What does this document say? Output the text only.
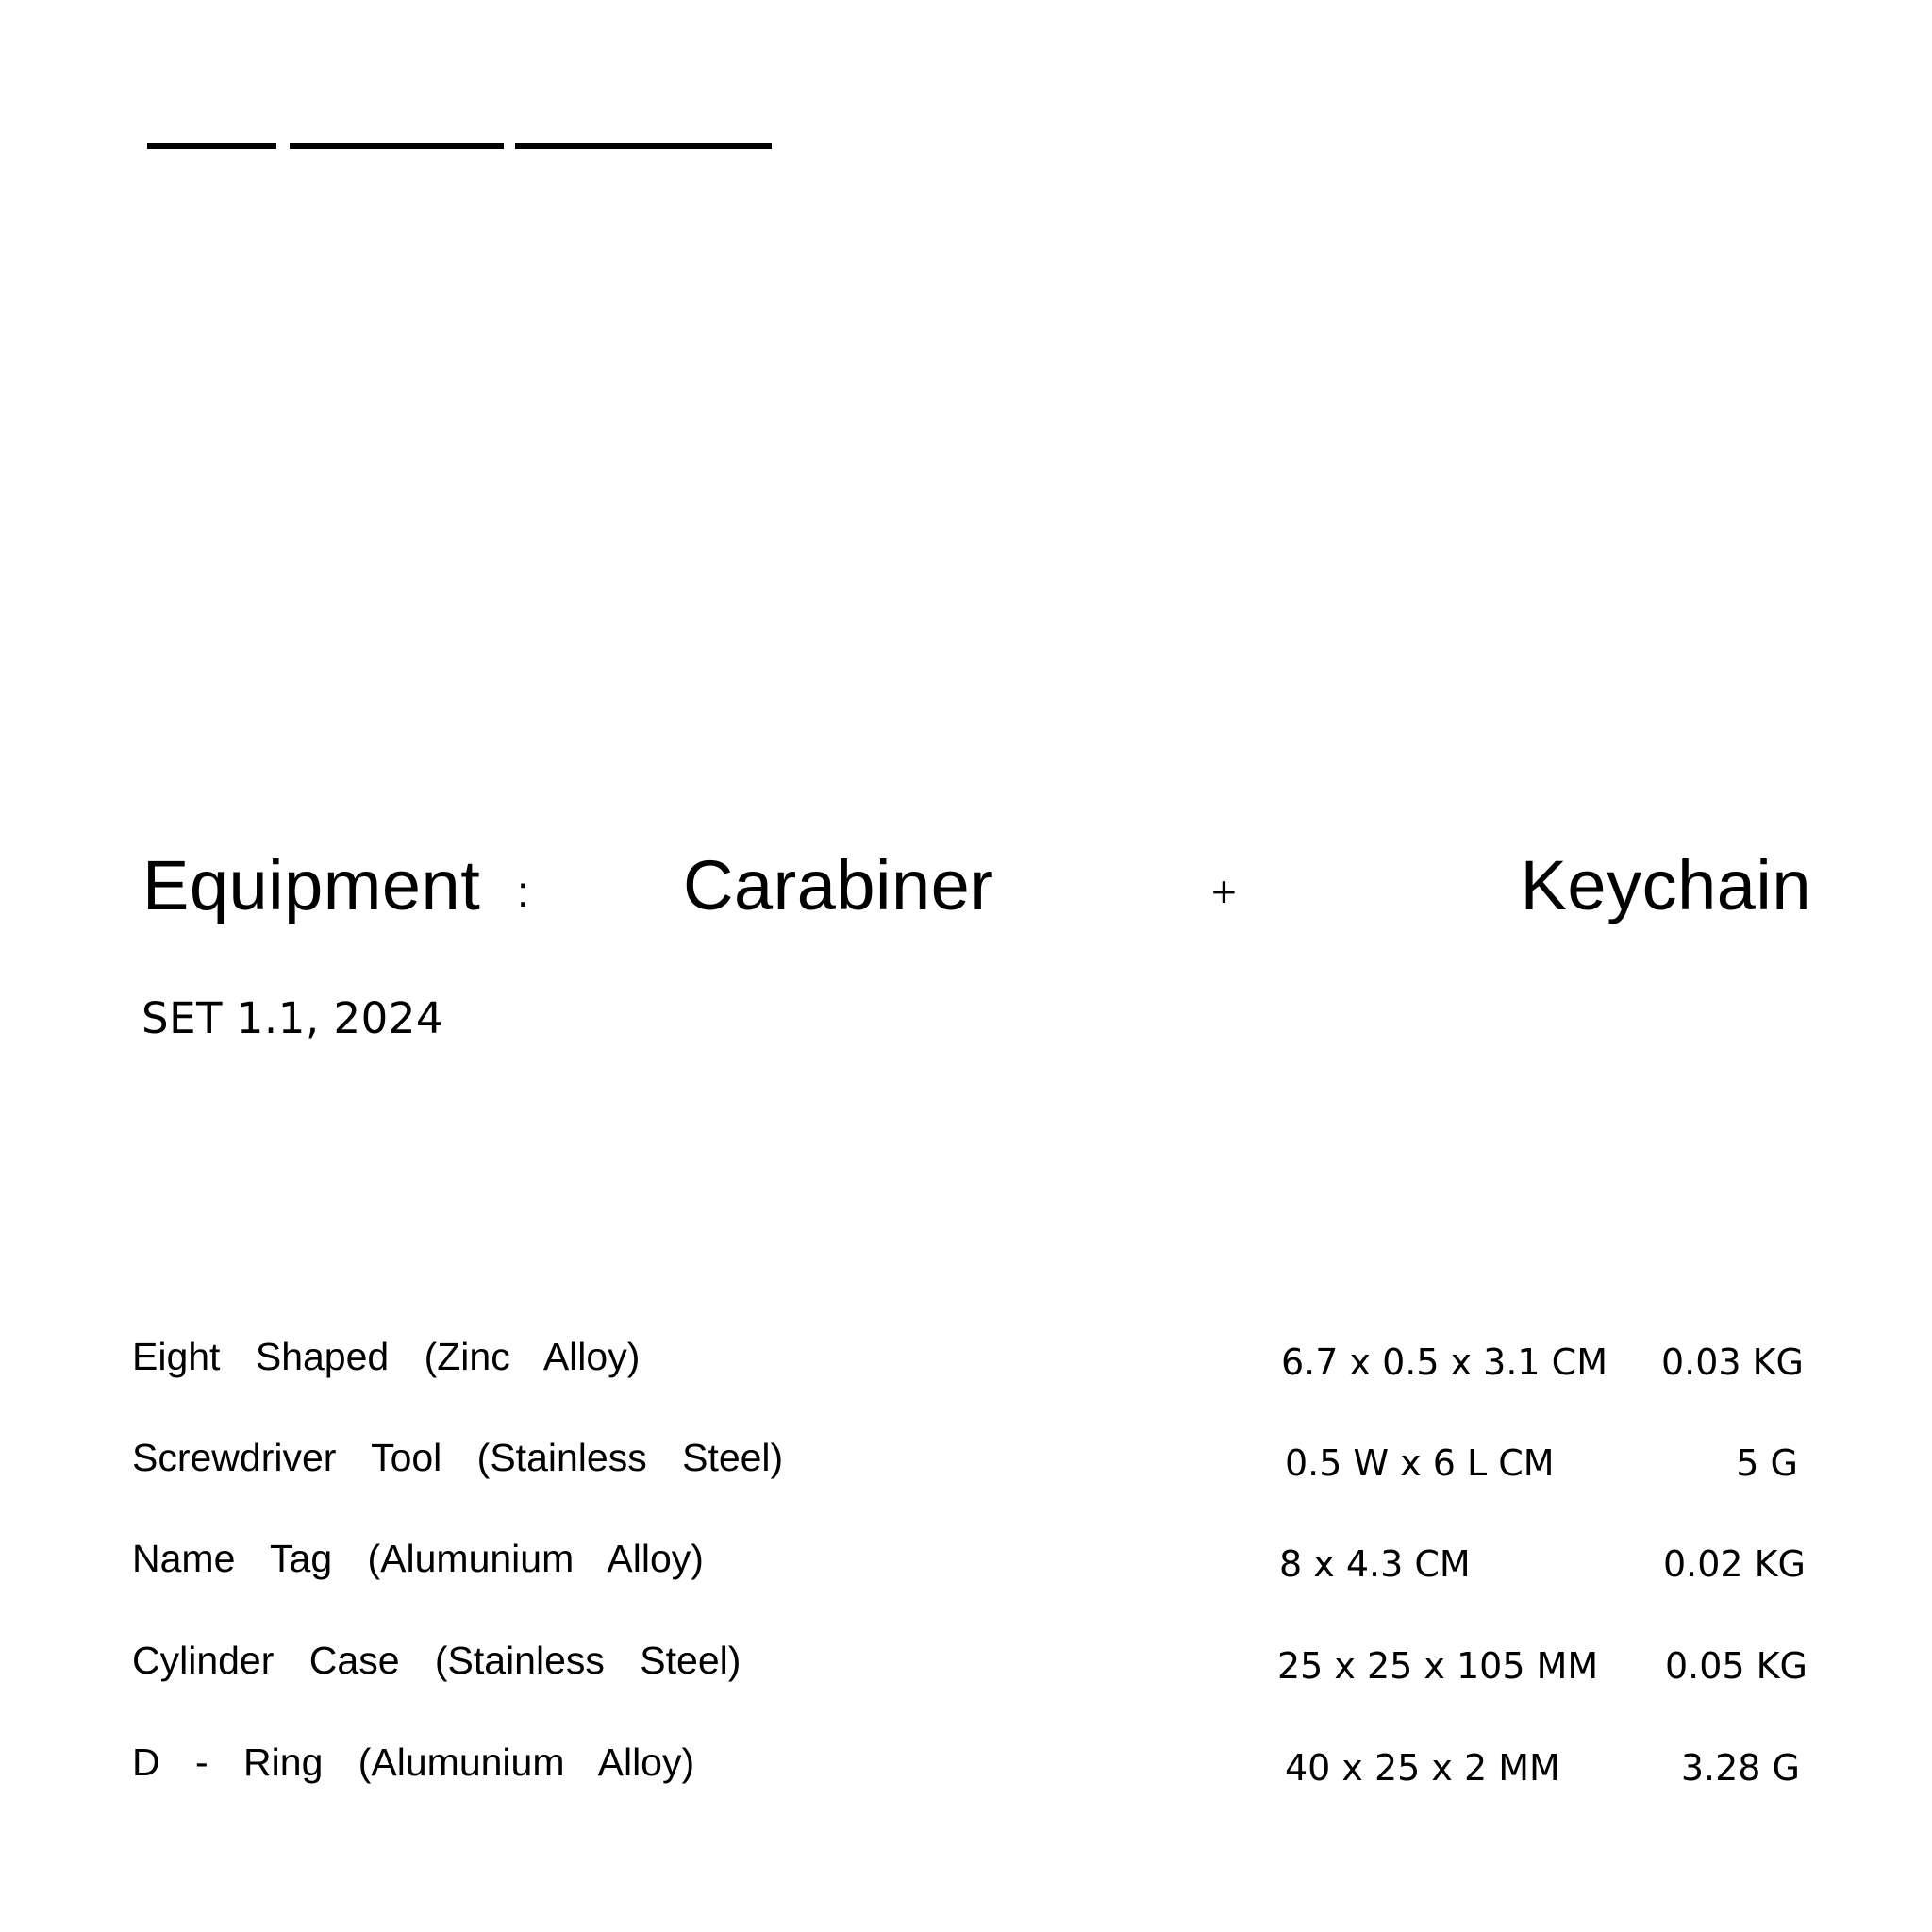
Equipment : Carabiner	+	Keychain
SET 1.1, 2024
Eight Shaped (Zinc Alloy)	6.7 x 0.5 x 3.1 CM 0.03 KG
Screwdriver Tool (Stainless Steel)	0.5 W x 6 L CM	5 G
Name Tag (Alumunium Alloy)	8 x 4.3 CM	0.02 KG
Cylinder Case (Stainless Steel)	25 x 25 x 105 MM 0.05 KG
D - Ring (Alumunium Alloy)	40 x 25 x 2 MM	3.28 G
